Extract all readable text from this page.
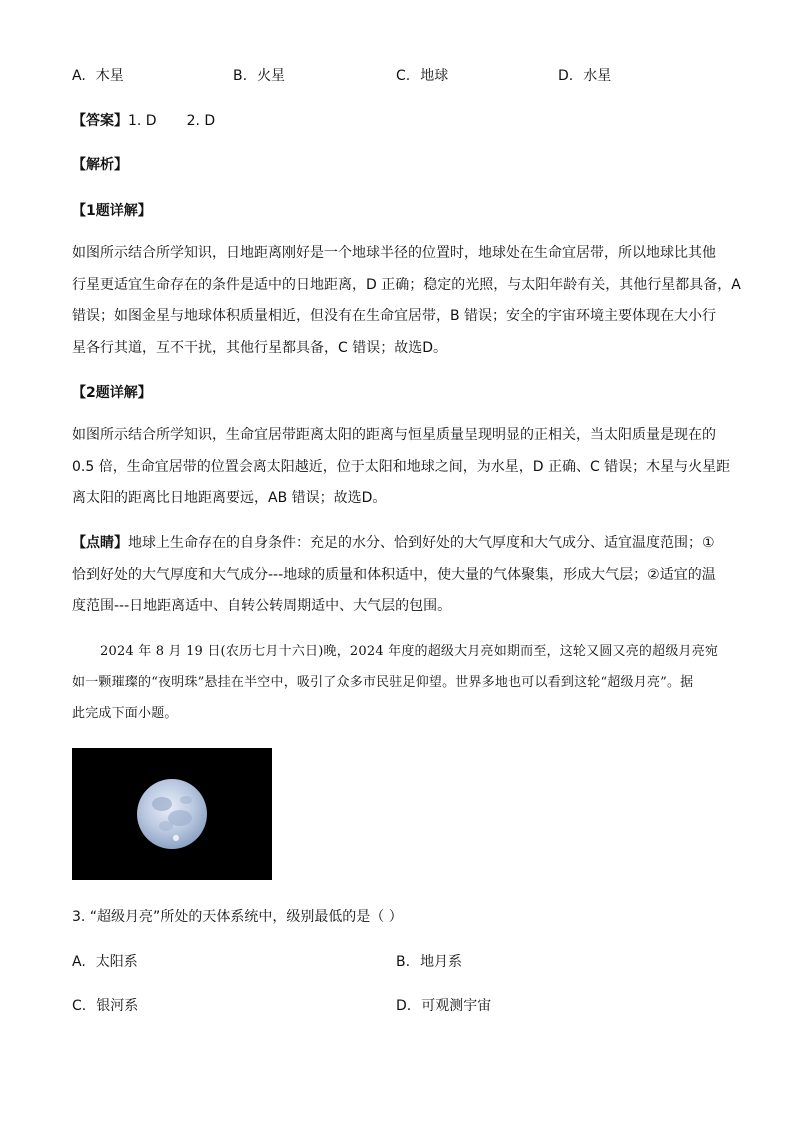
A. 木星	B. 火星	C. 地球	D. 水星
【答案】1. D 2. D
【解析】
【1题详解】
如图所示结合所学知识，日地距离刚好是一个地球半径的位置时，地球处在生命宜居带，所以地球比其他
行星更适宜生命存在的条件是适中的日地距离，D 正确；稳定的光照，与太阳年龄有关，其他行星都具备，A
错误；如图金星与地球体积质量相近，但没有在生命宜居带，B 错误；安全的宇宙环境主要体现在大小行
星各行其道，互不干扰，其他行星都具备，C 错误；故选D。
【2题详解】
如图所示结合所学知识，生命宜居带距离太阳的距离与恒星质量呈现明显的正相关，当太阳质量是现在的
0.5 倍，生命宜居带的位置会离太阳越近，位于太阳和地球之间，为水星，D 正确、C 错误；木星与火星距
离太阳的距离比日地距离要远，AB 错误；故选D。
【点睛】地球上生命存在的自身条件：充足的水分、恰到好处的大气厚度和大气成分、适宜温度范围；①
恰到好处的大气厚度和大气成分---地球的质量和体积适中，使大量的气体聚集，形成大气层；②适宜的温
度范围---日地距离适中、自转公转周期适中、大气层的包围。
2024 年 8 月 19 日(农历七月十六日)晚，2024 年度的超级大月亮如期而至，这轮又圆又亮的超级月亮宛
如一颗璀璨的“夜明珠”悬挂在半空中，吸引了众多市民驻足仰望。世界多地也可以看到这轮“超级月亮”。据
此完成下面小题。
3. “超级月亮”所处的天体系统中，级别最低的是（ ）
A. 太阳系	B. 地月系
C. 银河系	D. 可观测宇宙
